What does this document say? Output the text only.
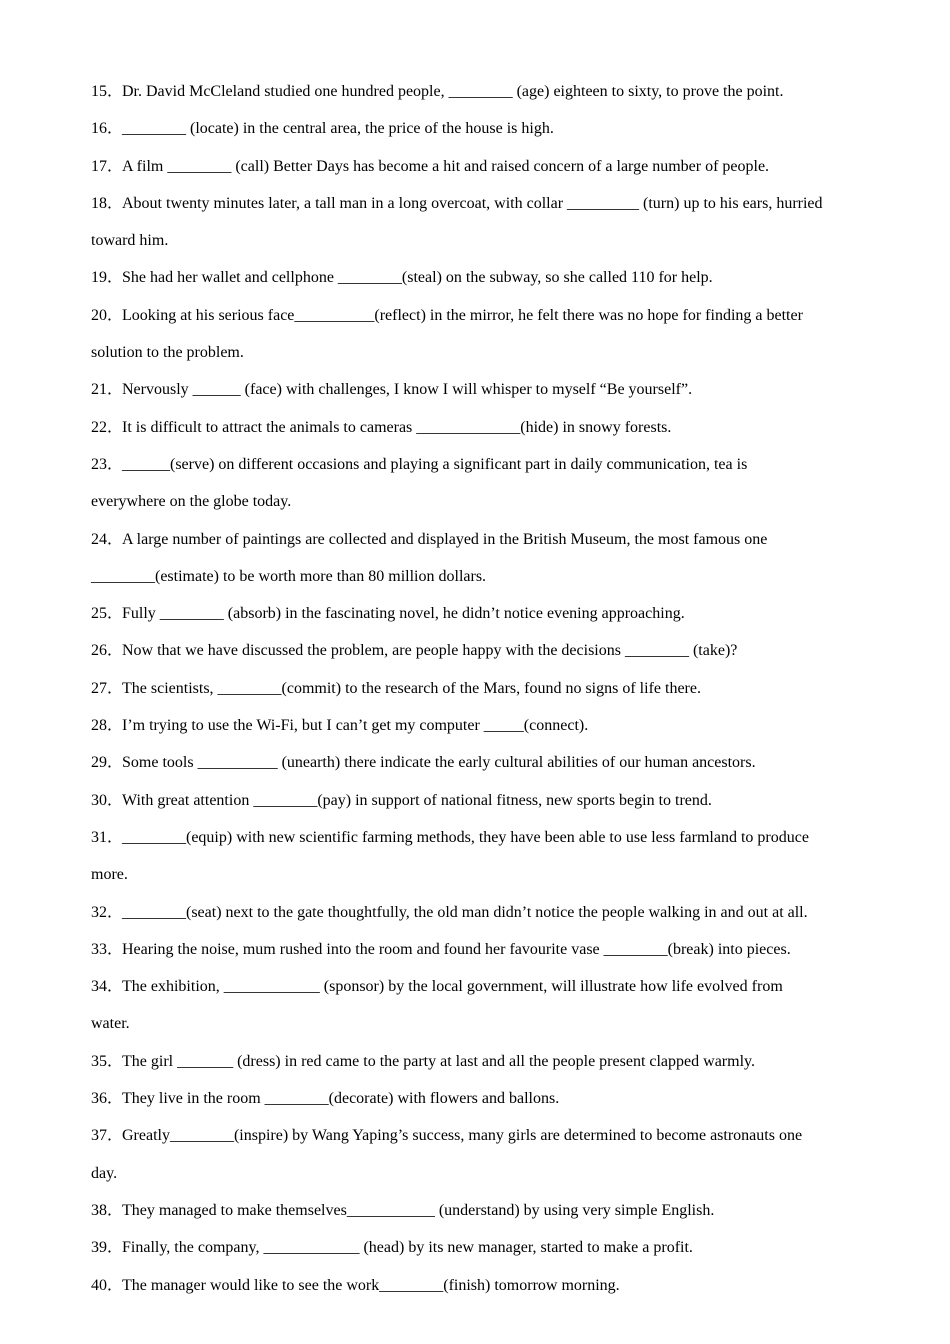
15．Dr. David McCleland studied one hundred people, ________ (age) eighteen to sixty, to prove the point.
16．________ (locate) in the central area, the price of the house is high.
17．A film ________ (call) Better Days has become a hit and raised concern of a large number of people.
18．About twenty minutes later, a tall man in a long overcoat, with collar _________ (turn) up to his ears, hurried
toward him.
19．She had her wallet and cellphone ________(steal) on the subway, so she called 110 for help.
20．Looking at his serious face__________(reflect) in the mirror, he felt there was no hope for finding a better
solution to the problem.
21．Nervously ______ (face) with challenges, I know I will whisper to myself “Be yourself”.
22．It is difficult to attract the animals to cameras _____________(hide) in snowy forests.
23．______(serve) on different occasions and playing a significant part in daily communication, tea is
everywhere on the globe today.
24．A large number of paintings are collected and displayed in the British Museum, the most famous one
________(estimate) to be worth more than 80 million dollars.
25．Fully ________ (absorb) in the fascinating novel, he didn’t notice evening approaching.
26．Now that we have discussed the problem, are people happy with the decisions ________ (take)?
27．The scientists, ________(commit) to the research of the Mars, found no signs of life there.
28．I’m trying to use the Wi-Fi, but I can’t get my computer _____(connect).
29．Some tools __________ (unearth) there indicate the early cultural abilities of our human ancestors.
30．With great attention ________(pay) in support of national fitness, new sports begin to trend.
31．________(equip) with new scientific farming methods, they have been able to use less farmland to produce
more.
32．________(seat) next to the gate thoughtfully, the old man didn’t notice the people walking in and out at all.
33．Hearing the noise, mum rushed into the room and found her favourite vase ________(break) into pieces.
34．The exhibition, ____________ (sponsor) by the local government, will illustrate how life evolved from
water.
35．The girl _______ (dress) in red came to the party at last and all the people present clapped warmly.
36．They live in the room ________(decorate) with flowers and ballons.
37．Greatly________(inspire) by Wang Yaping’s success, many girls are determined to become astronauts one
day.
38．They managed to make themselves___________ (understand) by using very simple English.
39．Finally, the company, ____________ (head) by its new manager, started to make a profit.
40．The manager would like to see the work________(finish) tomorrow morning.
